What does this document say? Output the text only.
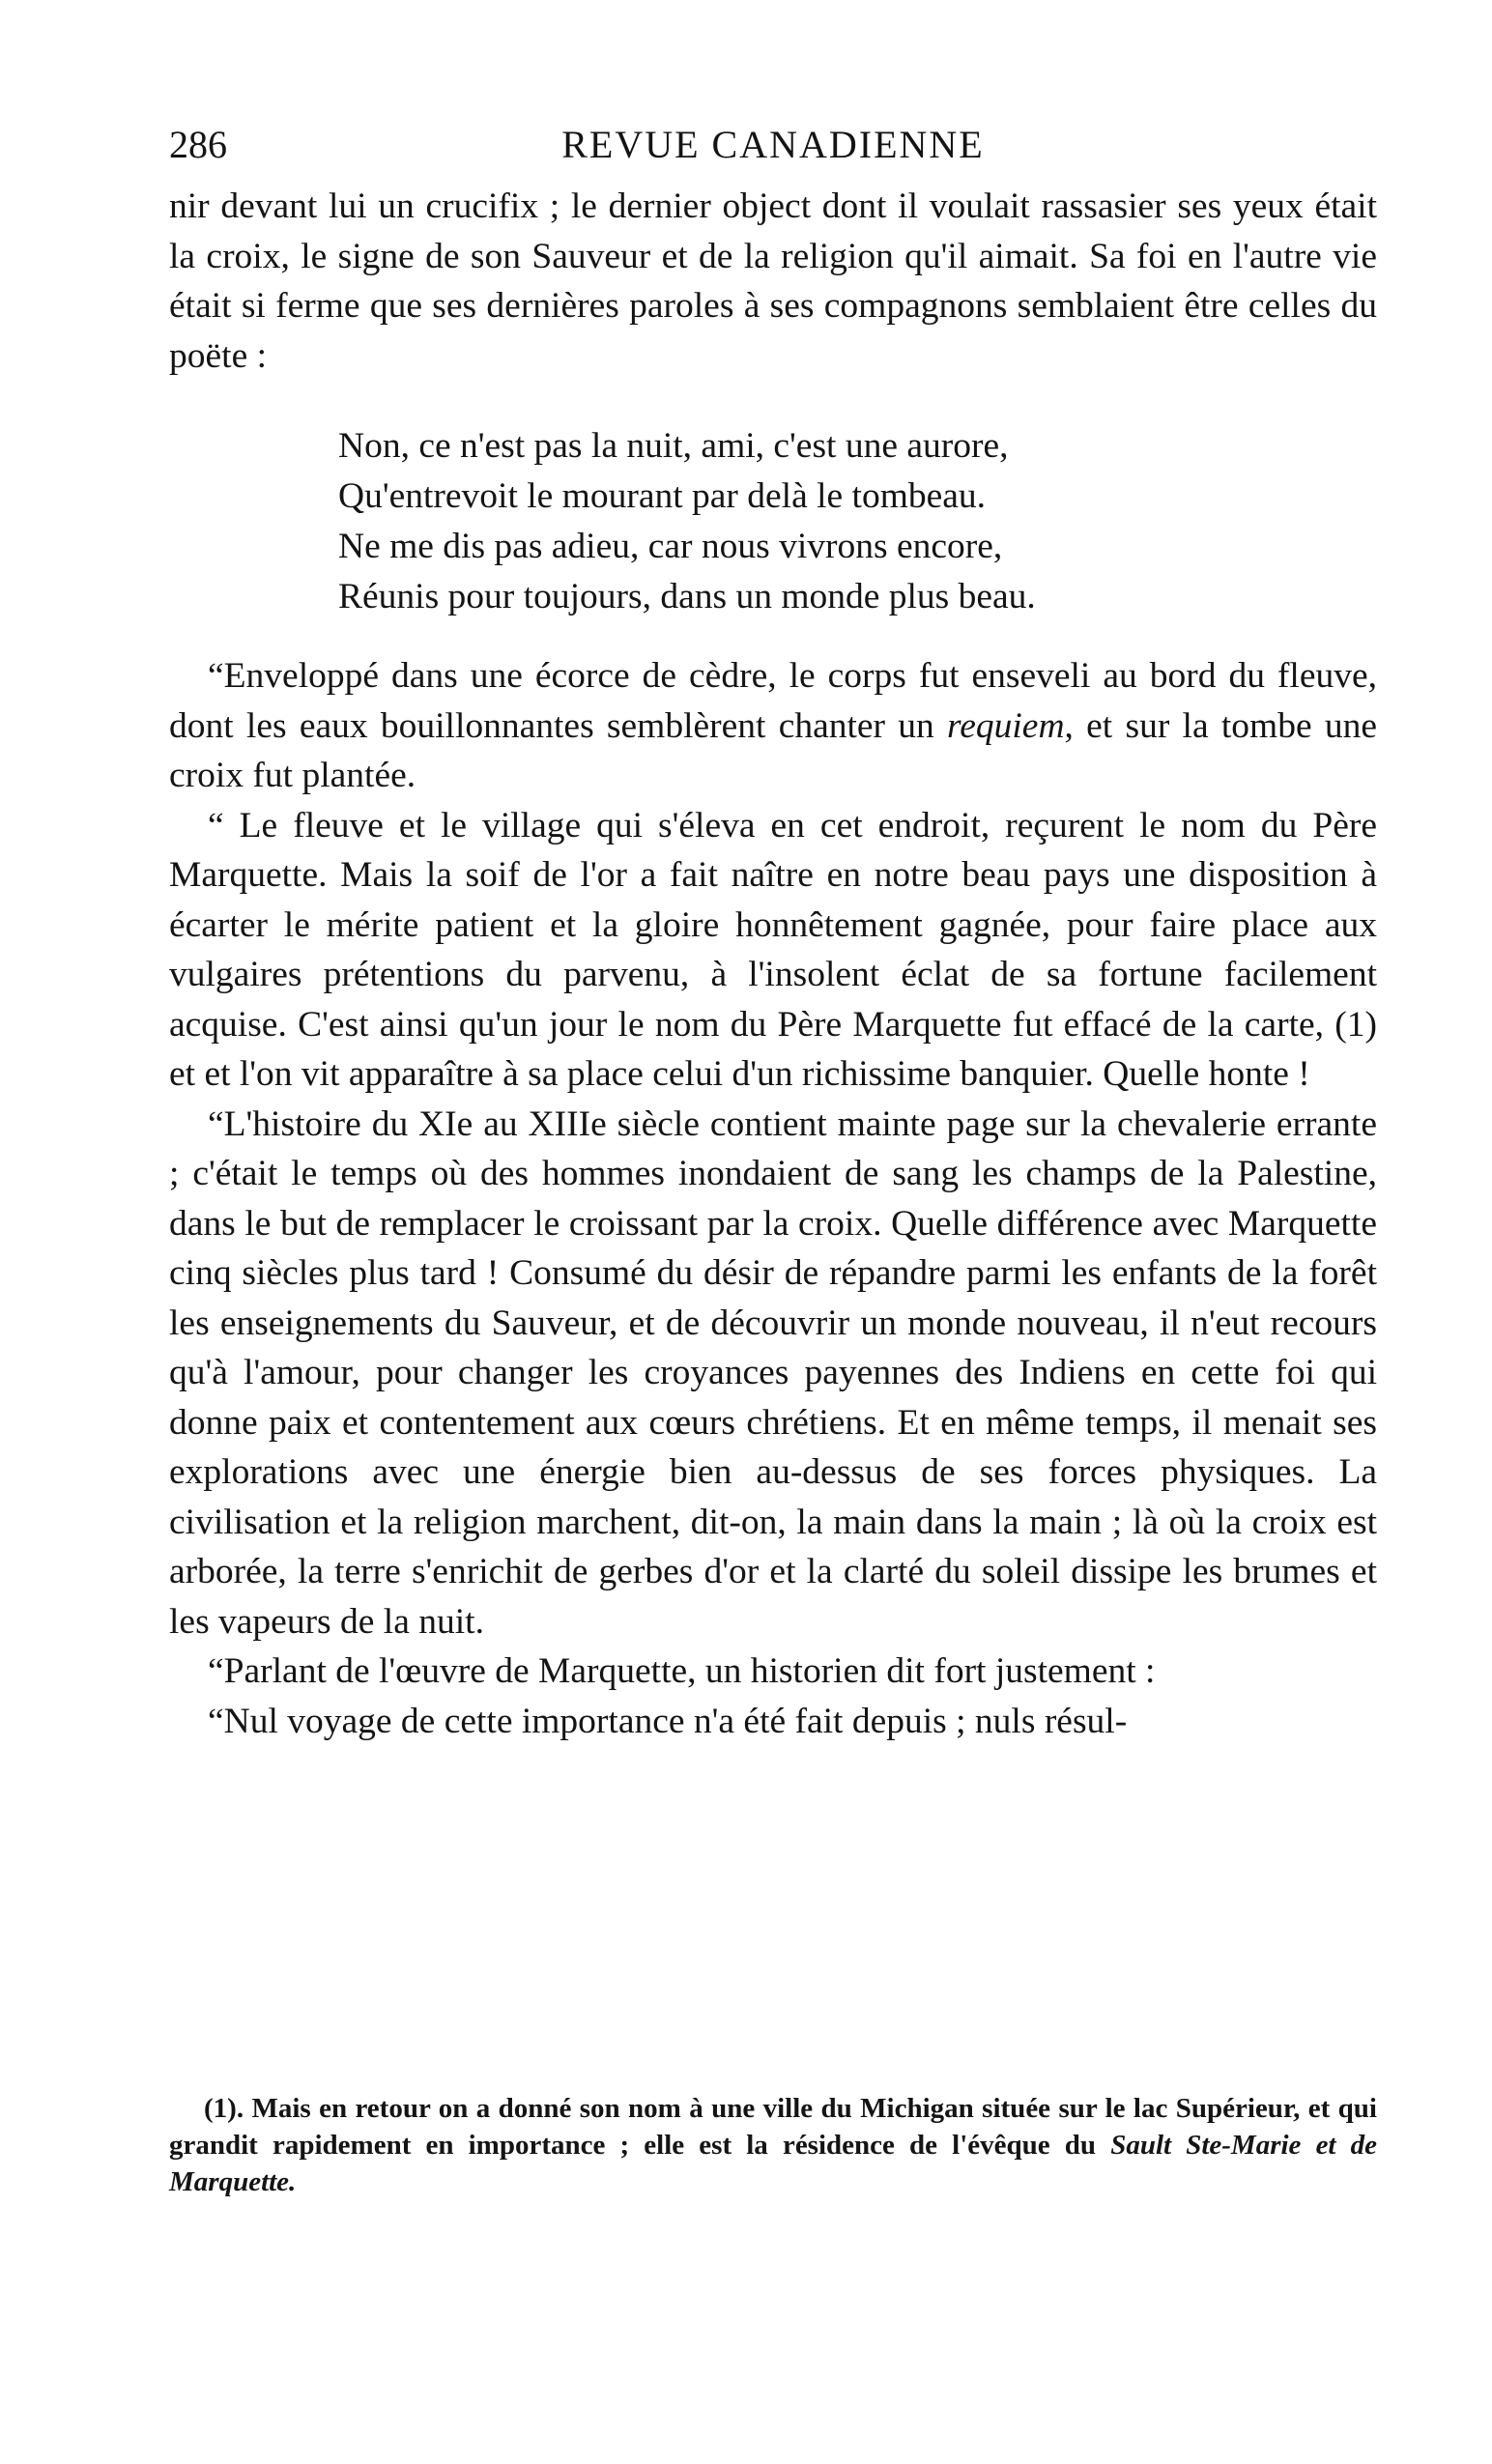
286	REVUE CANADIENNE

nir devant lui un crucifix ; le dernier object dont il voulait rassasier ses yeux était la croix, le signe de son Sauveur et de la religion qu'il aimait. Sa foi en l'autre vie était si ferme que ses dernières paroles à ses compagnons semblaient être celles du poëte :

Non, ce n'est pas la nuit, ami, c'est une aurore,
Qu'entrevoit le mourant par delà le tombeau.
Ne me dis pas adieu, car nous vivrons encore,
Réunis pour toujours, dans un monde plus beau.

“Enveloppé dans une écorce de cèdre, le corps fut enseveli au bord du fleuve, dont les eaux bouillonnantes semblèrent chanter un requiem, et sur la tombe une croix fut plantée.

“ Le fleuve et le village qui s'éleva en cet endroit, reçurent le nom du Père Marquette. Mais la soif de l'or a fait naître en notre beau pays une disposition à écarter le mérite patient et la gloire honnêtement gagnée, pour faire place aux vulgaires prétentions du parvenu, à l'insolent éclat de sa fortune facilement acquise. C'est ainsi qu'un jour le nom du Père Marquette fut effacé de la carte, (1) et et l'on vit apparaître à sa place celui d'un richissime banquier. Quelle honte !

“L'histoire du XIe au XIIIe siècle contient mainte page sur la chevalerie errante ; c'était le temps où des hommes inondaient de sang les champs de la Palestine, dans le but de remplacer le croissant par la croix. Quelle différence avec Marquette cinq siècles plus tard ! Consumé du désir de répandre parmi les enfants de la forêt les enseignements du Sauveur, et de découvrir un monde nouveau, il n'eut recours qu'à l'amour, pour changer les croyances payennes des Indiens en cette foi qui donne paix et contentement aux cœurs chrétiens. Et en même temps, il menait ses explorations avec une énergie bien au-dessus de ses forces physiques. La civilisation et la religion marchent, dit-on, la main dans la main ; là où la croix est arborée, la terre s'enrichit de gerbes d'or et la clarté du soleil dissipe les brumes et les vapeurs de la nuit.

“Parlant de l'œuvre de Marquette, un historien dit fort justement :

“Nul voyage de cette importance n'a été fait depuis ; nuls résul-

(1). Mais en retour on a donné son nom à une ville du Michigan située sur le lac Supérieur, et qui grandit rapidement en importance ; elle est la résidence de l'évêque du Sault Ste-Marie et de Marquette.
